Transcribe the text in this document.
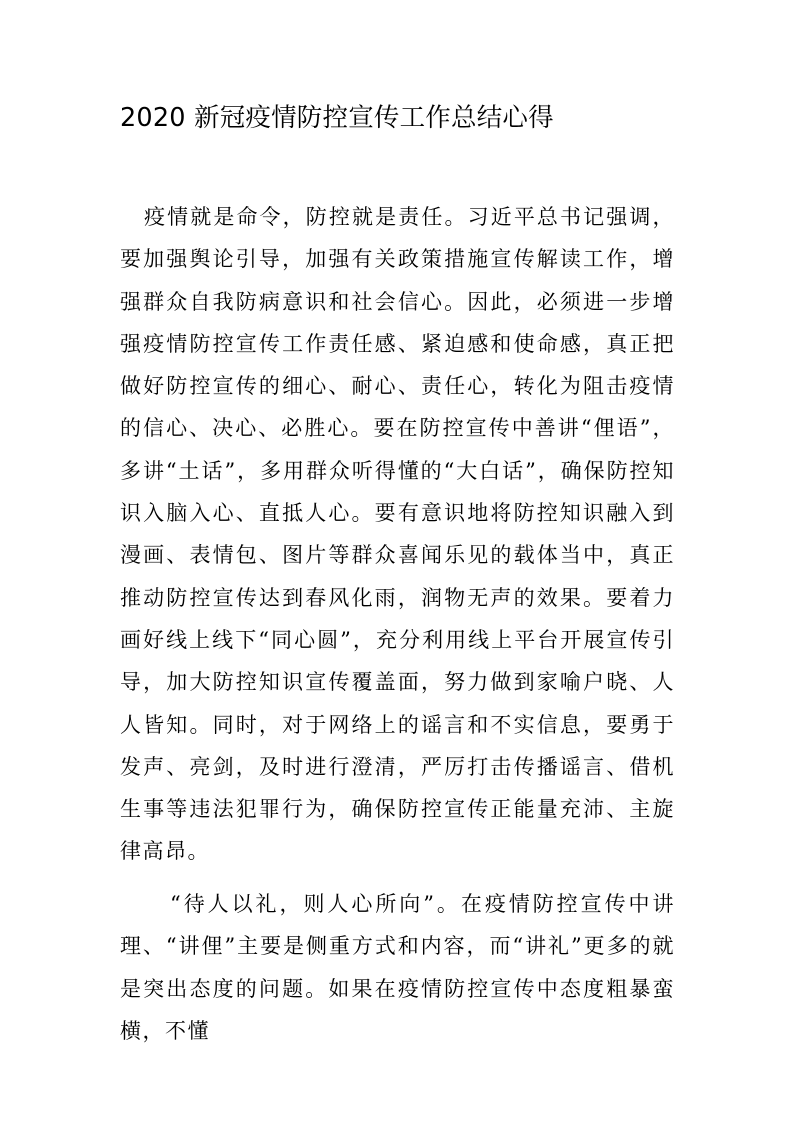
2020 新冠疫情防控宣传工作总结心得

疫情就是命令，防控就是责任。习近平总书记强调，要加强舆论引导，加强有关政策措施宣传解读工作，增强群众自我防病意识和社会信心。因此，必须进一步增强疫情防控宣传工作责任感、紧迫感和使命感，真正把做好防控宣传的细心、耐心、责任心，转化为阻击疫情的信心、决心、必胜心。要在防控宣传中善讲“俚语”，多讲“土话”，多用群众听得懂的“大白话”，确保防控知识入脑入心、直抵人心。要有意识地将防控知识融入到漫画、表情包、图片等群众喜闻乐见的载体当中，真正推动防控宣传达到春风化雨，润物无声的效果。要着力画好线上线下“同心圆”，充分利用线上平台开展宣传引导，加大防控知识宣传覆盖面，努力做到家喻户晓、人人皆知。同时，对于网络上的谣言和不实信息，要勇于发声、亮剑，及时进行澄清，严厉打击传播谣言、借机生事等违法犯罪行为，确保防控宣传正能量充沛、主旋律高昂。

“待人以礼，则人心所向”。在疫情防控宣传中讲理、“讲俚”主要是侧重方式和内容，而“讲礼”更多的就是突出态度的问题。如果在疫情防控宣传中态度粗暴蛮横，不懂
